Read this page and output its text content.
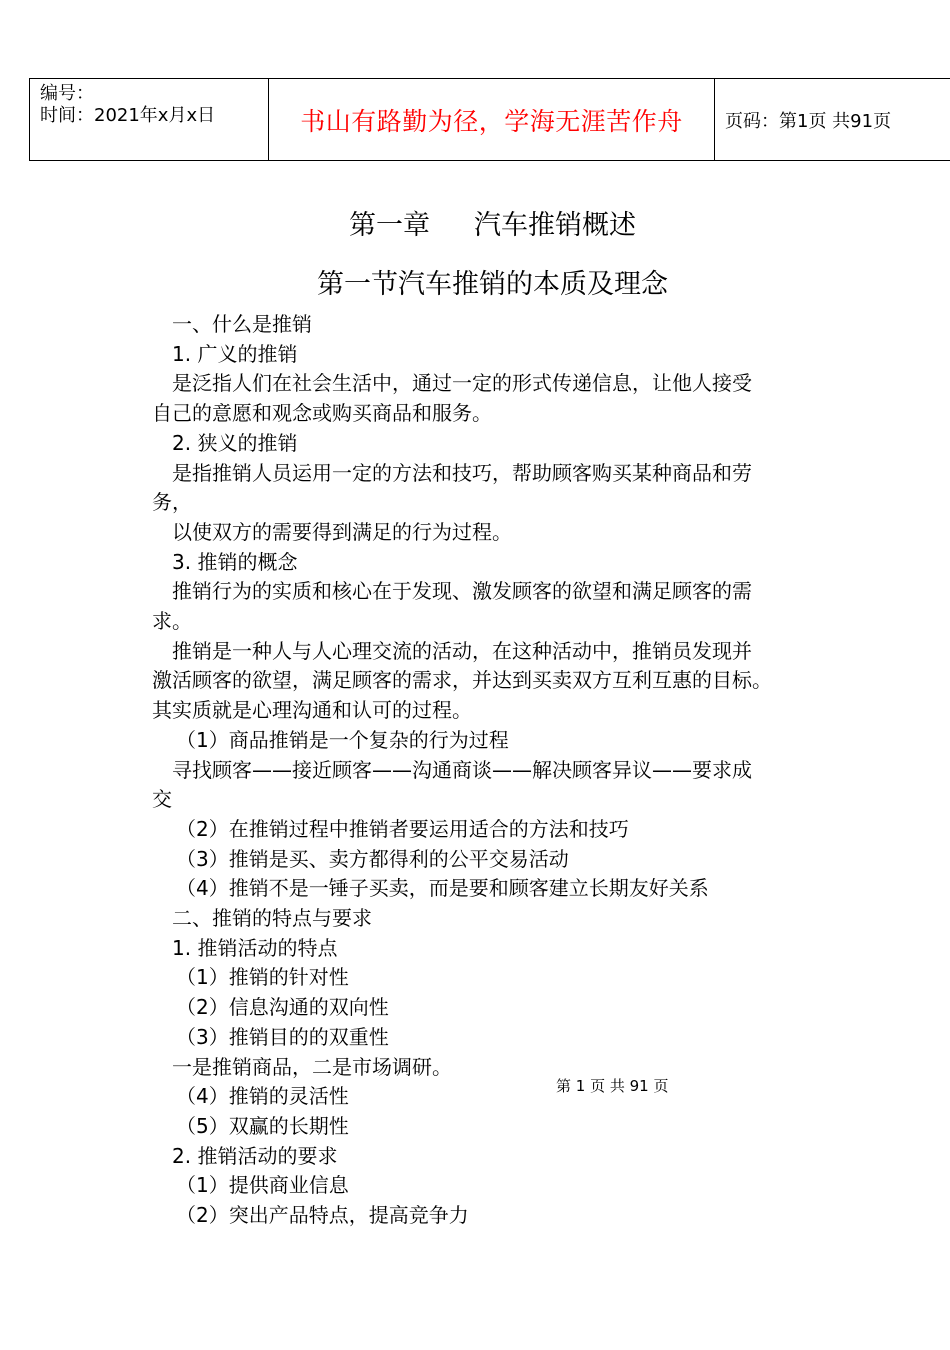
编号：
时间：2021年x月x日	书山有路勤为径，学海无涯苦作舟 页码：第1页 共91页
第一章 汽车推销概述
第一节汽车推销的本质及理念
一、什么是推销
1. 广义的推销
是泛指人们在社会生活中，通过一定的形式传递信息，让他人接受
自己的意愿和观念或购买商品和服务。
2. 狭义的推销
是指推销人员运用一定的方法和技巧，帮助顾客购买某种商品和劳
务，
以使双方的需要得到满足的行为过程。
3. 推销的概念
推销行为的实质和核心在于发现、激发顾客的欲望和满足顾客的需
求。
推销是一种人与人心理交流的活动，在这种活动中，推销员发现并
激活顾客的欲望，满足顾客的需求，并达到买卖双方互利互惠的目标。
其实质就是心理沟通和认可的过程。
（1）商品推销是一个复杂的行为过程
寻找顾客——接近顾客——沟通商谈——解决顾客异议——要求成
交
（2）在推销过程中推销者要运用适合的方法和技巧
（3）推销是买、卖方都得利的公平交易活动
（4）推销不是一锤子买卖，而是要和顾客建立长期友好关系
二、推销的特点与要求
1. 推销活动的特点
（1）推销的针对性
（2）信息沟通的双向性
（3）推销目的的双重性
一是推销商品，二是市场调研。
（4）推销的灵活性
（5）双赢的长期性
2. 推销活动的要求
（1）提供商业信息
（2）突出产品特点，提高竞争力
第 1 页 共 91 页
